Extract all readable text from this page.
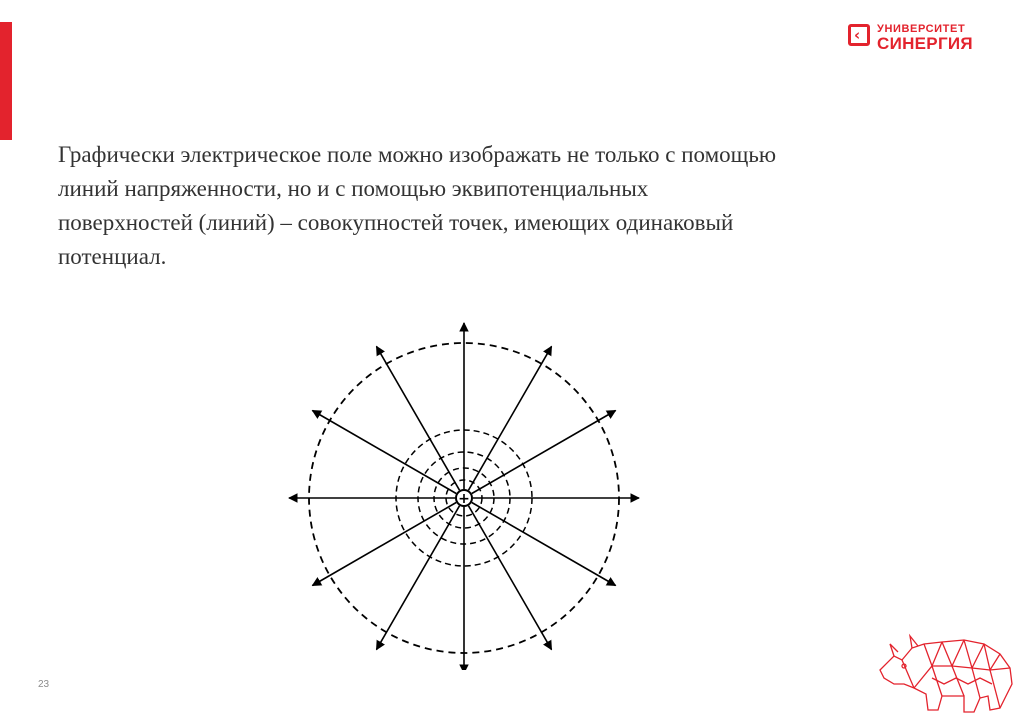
‹ УНИВЕРСИТЕТ
СИНЕРГИЯ
Графически электрическое поле можно изображать не только с помощью
линий напряженности, но и с помощью эквипотенциальных
поверхностей (линий) – совокупностей точек, имеющих одинаковый
потенциал.
+
23
